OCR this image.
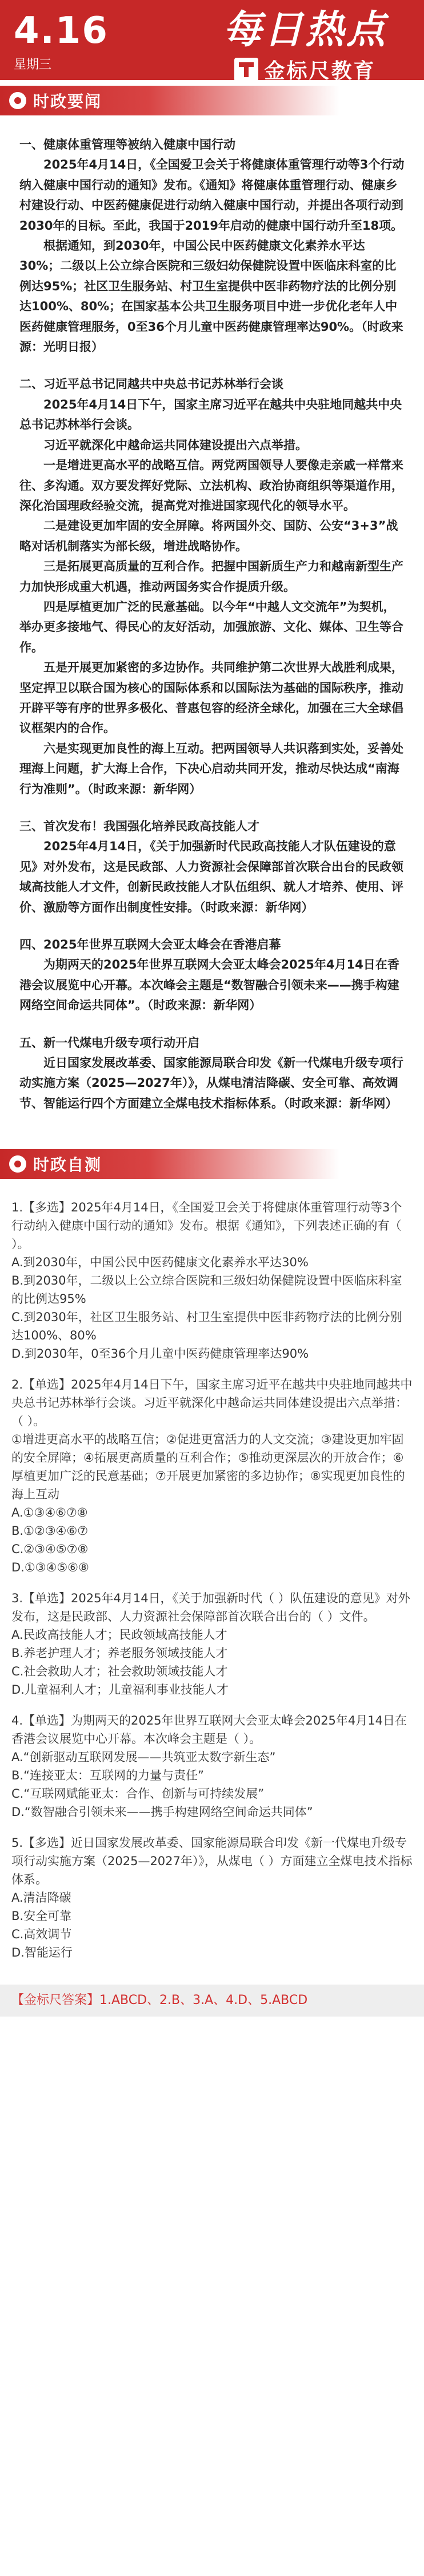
4.16
星期三
每日热点
金标尺教育
时政要闻
一、健康体重管理等被纳入健康中国行动

2025年4月14日，《全国爱卫会关于将健康体重管理行动等3个行动纳入健康中国行动的通知》发布。《通知》将健康体重管理行动、健康乡村建设行动、中医药健康促进行动纳入健康中国行动，并提出各项行动到2030年的目标。至此，我国于2019年启动的健康中国行动升至18项。

根据通知，到2030年，中国公民中医药健康文化素养水平达30%；二级以上公立综合医院和三级妇幼保健院设置中医临床科室的比例达95%；社区卫生服务站、村卫生室提供中医非药物疗法的比例分别达100%、80%；在国家基本公共卫生服务项目中进一步优化老年人中医药健康管理服务，0至36个月儿童中医药健康管理率达90%。（时政来源：光明日报）

二、习近平总书记同越共中央总书记苏林举行会谈

2025年4月14日下午，国家主席习近平在越共中央驻地同越共中央总书记苏林举行会谈。

习近平就深化中越命运共同体建设提出六点举措。

一是增进更高水平的战略互信。两党两国领导人要像走亲戚一样常来往、多沟通。双方要发挥好党际、立法机构、政治协商组织等渠道作用，深化治国理政经验交流，提高党对推进国家现代化的领导水平。

二是建设更加牢固的安全屏障。将两国外交、国防、公安“3+3”战略对话机制落实为部长级，增进战略协作。

三是拓展更高质量的互利合作。把握中国新质生产力和越南新型生产力加快形成重大机遇，推动两国务实合作提质升级。

四是厚植更加广泛的民意基础。以今年“中越人文交流年”为契机，举办更多接地气、得民心的友好活动，加强旅游、文化、媒体、卫生等合作。

五是开展更加紧密的多边协作。共同维护第二次世界大战胜利成果，坚定捍卫以联合国为核心的国际体系和以国际法为基础的国际秩序，推动开辟平等有序的世界多极化、普惠包容的经济全球化，加强在三大全球倡议框架内的合作。

六是实现更加良性的海上互动。把两国领导人共识落到实处，妥善处理海上问题，扩大海上合作，下决心启动共同开发，推动尽快达成“南海行为准则”。（时政来源：新华网）

三、首次发布！我国强化培养民政高技能人才

2025年4月14日，《关于加强新时代民政高技能人才队伍建设的意见》对外发布，这是民政部、人力资源社会保障部首次联合出台的民政领域高技能人才文件，创新民政技能人才队伍组织、就人才培养、使用、评价、激励等方面作出制度性安排。（时政来源：新华网）

四、2025年世界互联网大会亚太峰会在香港启幕

为期两天的2025年世界互联网大会亚太峰会2025年4月14日在香港会议展览中心开幕。本次峰会主题是“数智融合引领未来——携手构建网络空间命运共同体”。（时政来源：新华网）

五、新一代煤电升级专项行动开启

近日国家发展改革委、国家能源局联合印发《新一代煤电升级专项行动实施方案（2025—2027年）》，从煤电清洁降碳、安全可靠、高效调节、智能运行四个方面建立全煤电技术指标体系。（时政来源：新华网）

时政自测

1.【多选】2025年4月14日，《全国爱卫会关于将健康体重管理行动等3个行动纳入健康中国行动的通知》发布。根据《通知》，下列表述正确的有（ ）。

A.到2030年，中国公民中医药健康文化素养水平达30%

B.到2030年，二级以上公立综合医院和三级妇幼保健院设置中医临床科室的比例达95%

C.到2030年，社区卫生服务站、村卫生室提供中医非药物疗法的比例分别达100%、80%

D.到2030年，0至36个月儿童中医药健康管理率达90%

2.【单选】2025年4月14日下午，国家主席习近平在越共中央驻地同越共中央总书记苏林举行会谈。习近平就深化中越命运共同体建设提出六点举措：（ ）。

①增进更高水平的战略互信；②促进更富活力的人文交流；③建设更加牢固的安全屏障；④拓展更高质量的互利合作；⑤推动更深层次的开放合作；⑥厚植更加广泛的民意基础；⑦开展更加紧密的多边协作；⑧实现更加良性的海上互动

A.①③④⑥⑦⑧

B.①②③④⑥⑦

C.②③④⑤⑦⑧

D.①③④⑤⑥⑧

3.【单选】2025年4月14日，《关于加强新时代（ ）队伍建设的意见》对外发布，这是民政部、人力资源社会保障部首次联合出台的（ ）文件。

A.民政高技能人才；民政领域高技能人才

B.养老护理人才；养老服务领域技能人才

C.社会救助人才；社会救助领域技能人才

D.儿童福利人才；儿童福利事业技能人才

4.【单选】为期两天的2025年世界互联网大会亚太峰会2025年4月14日在香港会议展览中心开幕。本次峰会主题是（ ）。

A.“创新驱动互联网发展——共筑亚太数字新生态”

B.“连接亚太：互联网的力量与责任”

C.“互联网赋能亚太：合作、创新与可持续发展”

D.“数智融合引领未来——携手构建网络空间命运共同体”

5.【多选】近日国家发展改革委、国家能源局联合印发《新一代煤电升级专项行动实施方案（2025—2027年）》，从煤电（ ）方面建立全煤电技术指标体系。

A.清洁降碳

B.安全可靠

C.高效调节

D.智能运行

【金标尺答案】1.ABCD、2.B、3.A、4.D、5.ABCD
